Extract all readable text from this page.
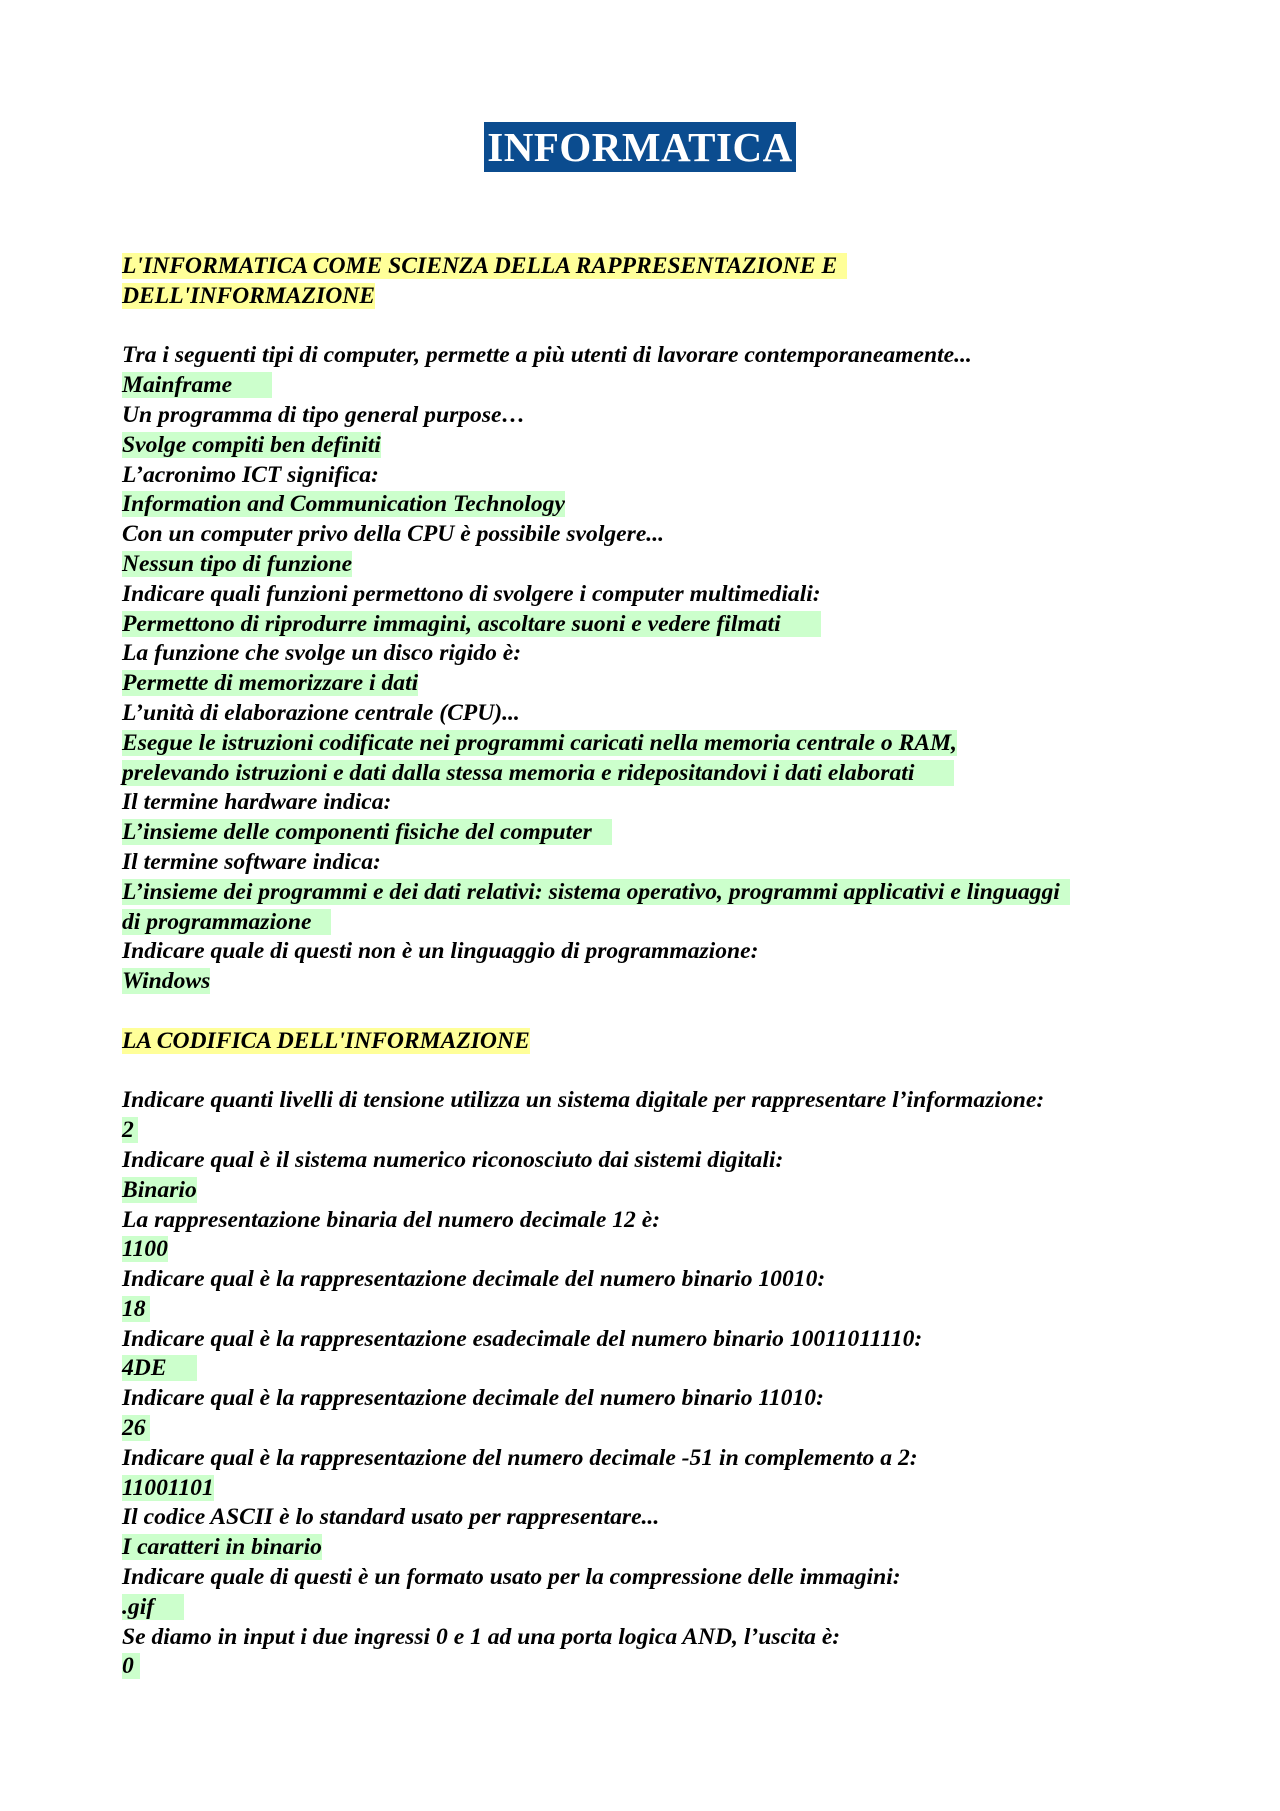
INFORMATICA

L'INFORMATICA COME SCIENZA DELLA RAPPRESENTAZIONE E

DELL'INFORMAZIONE

Tra i seguenti tipi di computer, permette a più utenti di lavorare contemporaneamente...
Mainframe
Un programma di tipo general purpose…
Svolge compiti ben definiti
L’acronimo ICT significa:
Information and Communication Technology
Con un computer privo della CPU è possibile svolgere...
Nessun tipo di funzione
Indicare quali funzioni permettono di svolgere i computer multimediali:
Permettono di riprodurre immagini, ascoltare suoni e vedere filmati
La funzione che svolge un disco rigido è:
Permette di memorizzare i dati
L’unità di elaborazione centrale (CPU)...
Esegue le istruzioni codificate nei programmi caricati nella memoria centrale o RAM,
prelevando istruzioni e dati dalla stessa memoria e ridepositandovi i dati elaborati
Il termine hardware indica:
L’insieme delle componenti fisiche del computer
Il termine software indica:
L’insieme dei programmi e dei dati relativi: sistema operativo, programmi applicativi e linguaggi
di programmazione
Indicare quale di questi non è un linguaggio di programmazione:
Windows

LA CODIFICA DELL'INFORMAZIONE

Indicare quanti livelli di tensione utilizza un sistema digitale per rappresentare l’informazione:
2
Indicare qual è il sistema numerico riconosciuto dai sistemi digitali:
Binario
La rappresentazione binaria del numero decimale 12 è:
1100
Indicare qual è la rappresentazione decimale del numero binario 10010:
18
Indicare qual è la rappresentazione esadecimale del numero binario 10011011110:
4DE
Indicare qual è la rappresentazione decimale del numero binario 11010:
26
Indicare qual è la rappresentazione del numero decimale -51 in complemento a 2:
11001101
Il codice ASCII è lo standard usato per rappresentare...
I caratteri in binario
Indicare quale di questi è un formato usato per la compressione delle immagini:
.gif
Se diamo in input i due ingressi 0 e 1 ad una porta logica AND, l’uscita è:
0
